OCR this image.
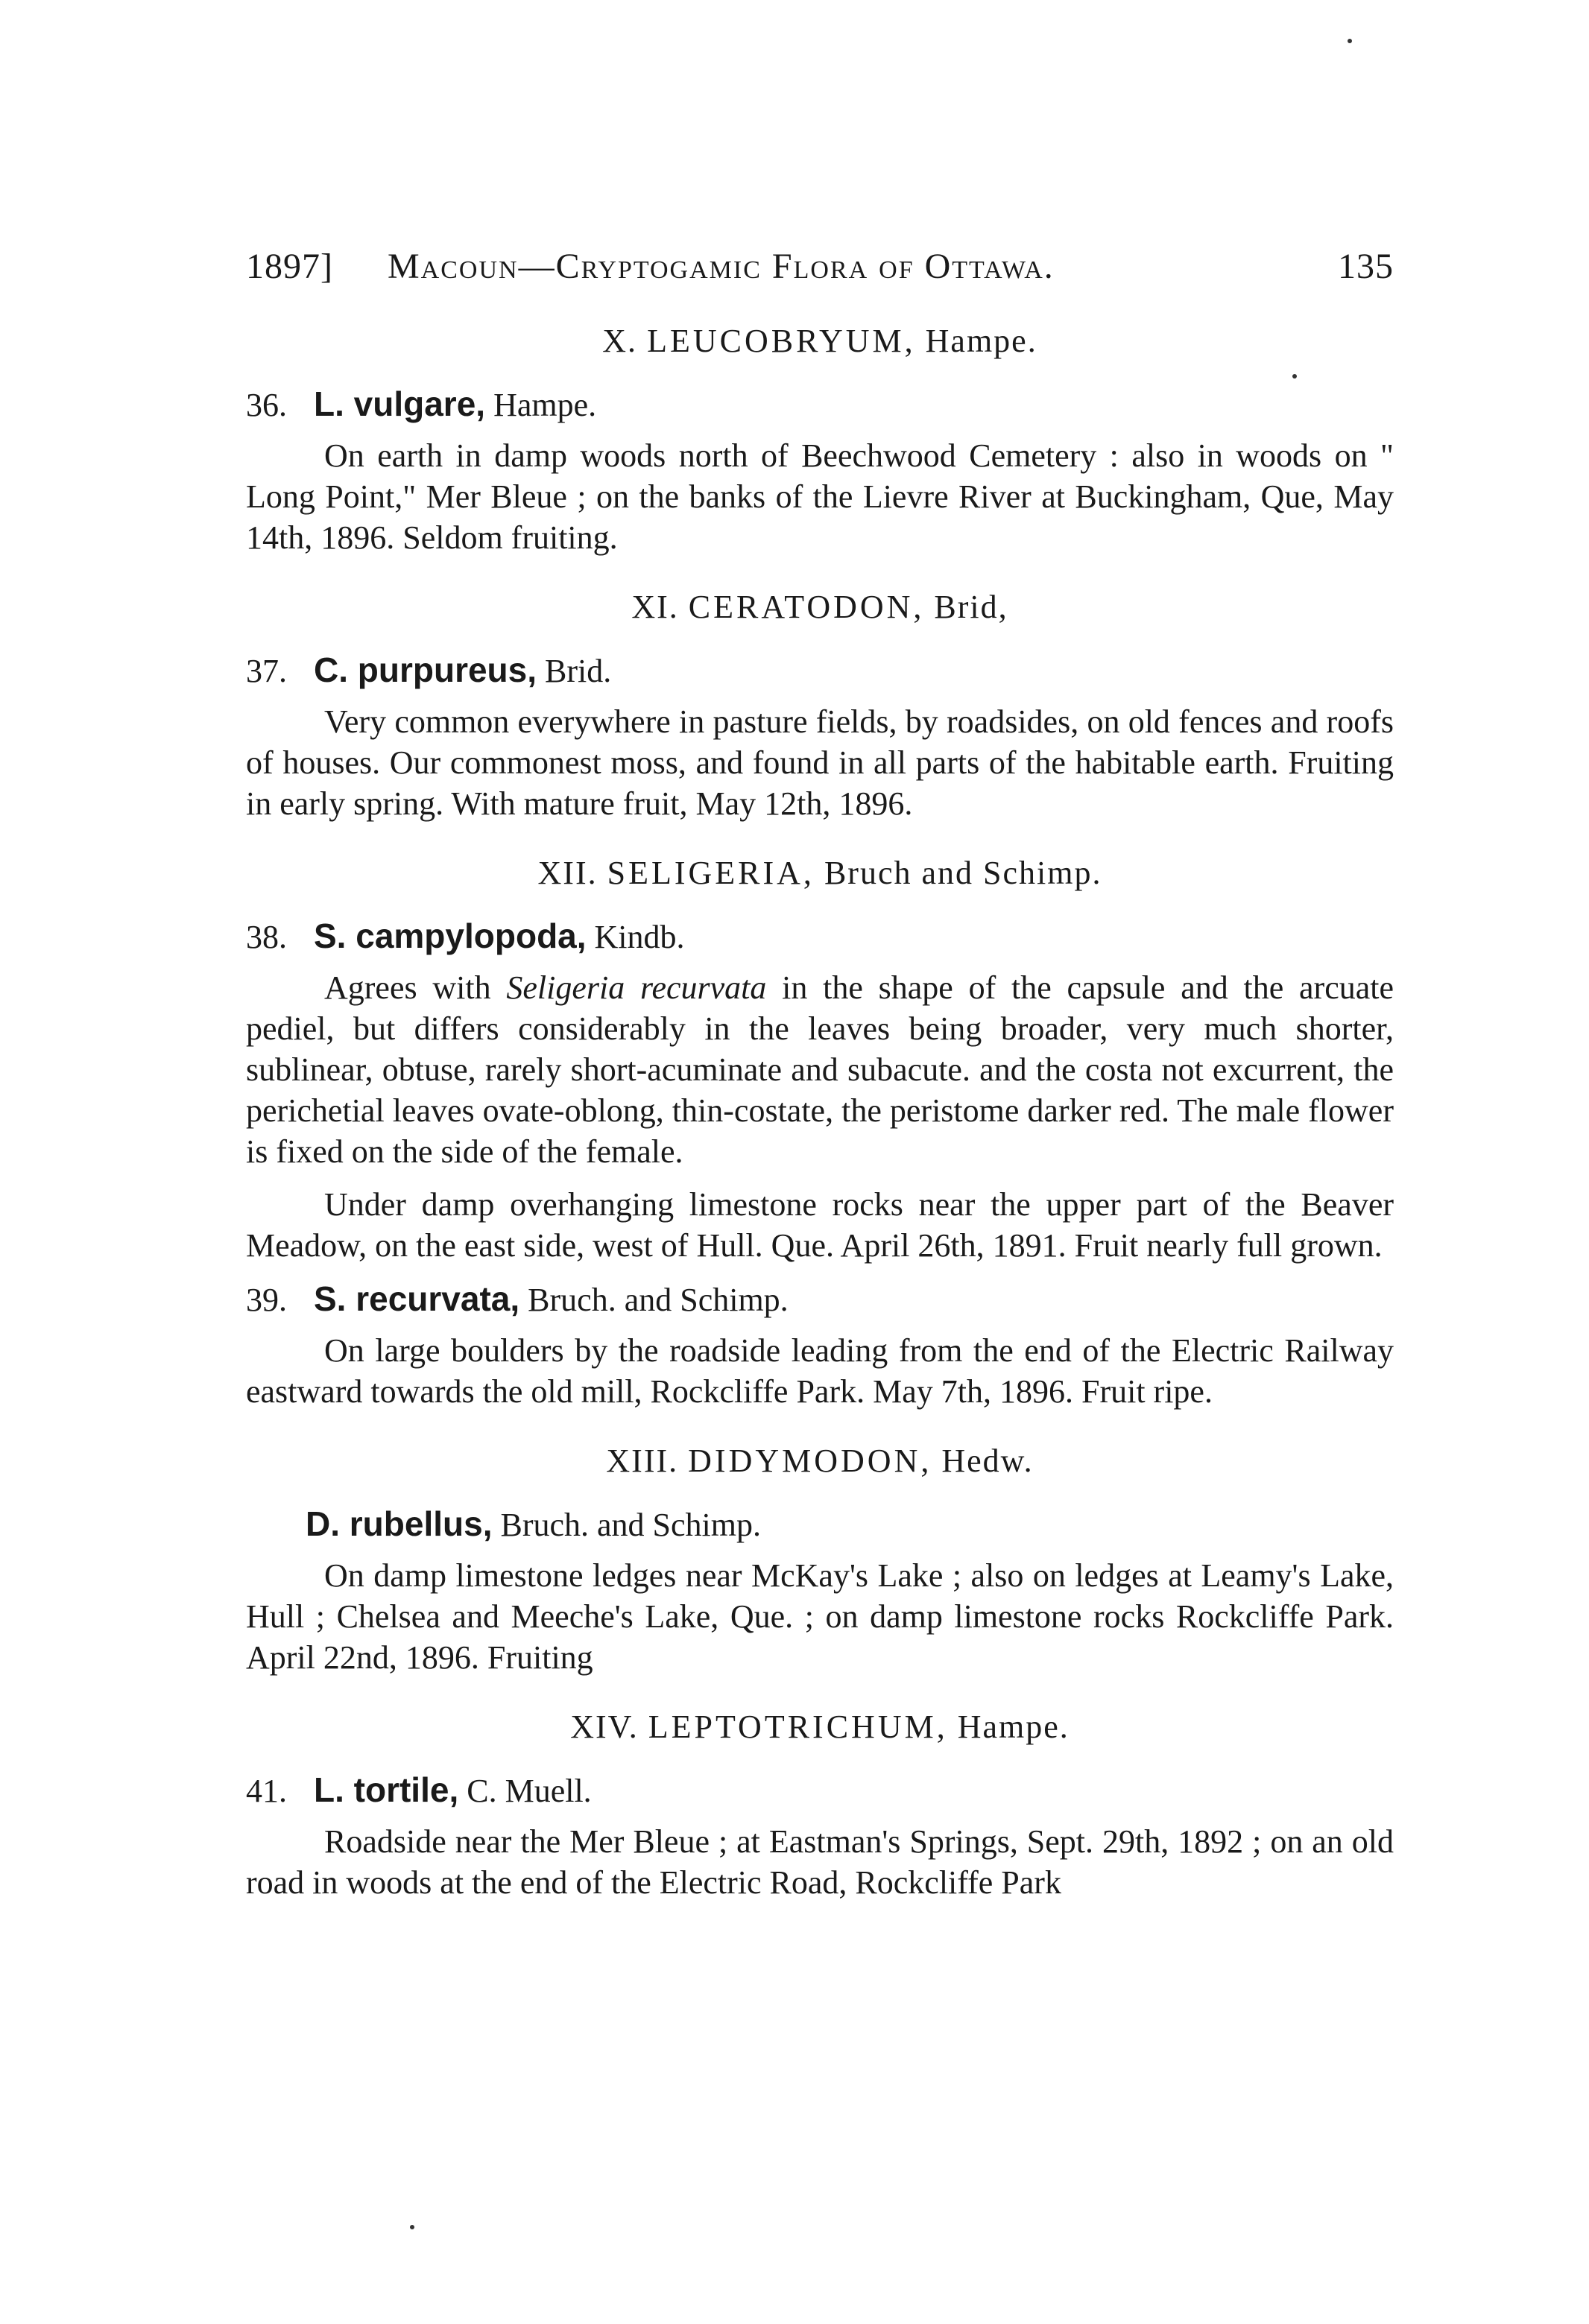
1897] Macoun—Cryptogamic Flora of Ottawa.	135
X. LEUCOBRYUM, Hampe.
36. L. vulgare, Hampe.

On earth in damp woods north of Beechwood Cemetery : also in woods on " Long Point," Mer Bleue ; on the banks of the Lievre River at Buckingham, Que, May 14th, 1896. Seldom fruiting.

XI. CERATODON, Brid,
37. C. purpureus, Brid.

Very common everywhere in pasture fields, by roadsides, on old fences and roofs of houses. Our commonest moss, and found in all parts of the habitable earth. Fruiting in early spring. With mature fruit, May 12th, 1896.

XII. SELIGERIA, Bruch and Schimp.
38. S. campylopoda, Kindb.

Agrees with Seligeria recurvata in the shape of the capsule and the arcuate pediel, but differs considerably in the leaves being broader, very much shorter, sublinear, obtuse, rarely short-acuminate and subacute. and the costa not excurrent, the perichetial leaves ovate-oblong, thin-costate, the peristome darker red. The male flower is fixed on the side of the female.

Under damp overhanging limestone rocks near the upper part of the Beaver Meadow, on the east side, west of Hull. Que. April 26th, 1891. Fruit nearly full grown.

39. S. recurvata, Bruch. and Schimp.

On large boulders by the roadside leading from the end of the Electric Railway eastward towards the old mill, Rockcliffe Park. May 7th, 1896. Fruit ripe.

XIII. DIDYMODON, Hedw.
D. rubellus, Bruch. and Schimp.

On damp limestone ledges near McKay's Lake ; also on ledges at Leamy's Lake, Hull ; Chelsea and Meeche's Lake, Que. ; on damp limestone rocks Rockcliffe Park. April 22nd, 1896. Fruiting

XIV. LEPTOTRICHUM, Hampe.
41. L. tortile, C. Muell.

Roadside near the Mer Bleue ; at Eastman's Springs, Sept. 29th, 1892 ; on an old road in woods at the end of the Electric Road, Rockcliffe Park
